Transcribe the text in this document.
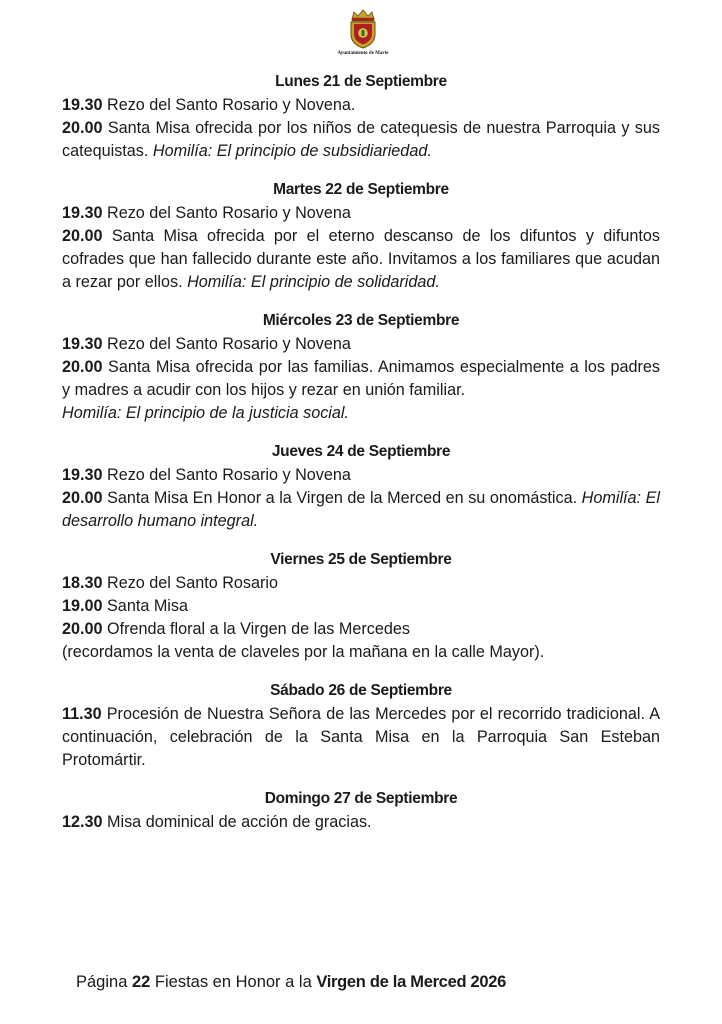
Ayuntamiento de Marte
Lunes 21 de Septiembre
19.30 Rezo del Santo Rosario y Novena.
20.00 Santa Misa ofrecida por los niños de catequesis de nuestra Parroquia y sus catequistas. Homilía: El principio de subsidiariedad.
Martes 22 de Septiembre
19.30 Rezo del Santo Rosario y Novena
20.00 Santa Misa ofrecida por el eterno descanso de los difuntos y difuntos cofrades que han fallecido durante este año. Invitamos a los familiares que acudan a rezar por ellos. Homilía: El principio de solidaridad.
Miércoles 23 de Septiembre
19.30 Rezo del Santo Rosario y Novena
20.00 Santa Misa ofrecida por las familias. Animamos especialmente a los padres y madres a acudir con los hijos y rezar en unión familiar.
Homilía: El principio de la justicia social.
Jueves 24 de Septiembre
19.30 Rezo del Santo Rosario y Novena
20.00 Santa Misa En Honor a la Virgen de la Merced en su onomástica. Homilía: El desarrollo humano integral.
Viernes 25 de Septiembre
18.30 Rezo del Santo Rosario
19.00 Santa Misa
20.00 Ofrenda floral a la Virgen de las Mercedes
(recordamos la venta de claveles por la mañana en la calle Mayor).
Sábado 26 de Septiembre
11.30 Procesión de Nuestra Señora de las Mercedes por el recorrido tradicional. A continuación, celebración de la Santa Misa en la Parroquia San Esteban Protomártir.
Domingo 27 de Septiembre
12.30 Misa dominical de acción de gracias.
Página 22 Fiestas en Honor a la Virgen de la Merced 2026
